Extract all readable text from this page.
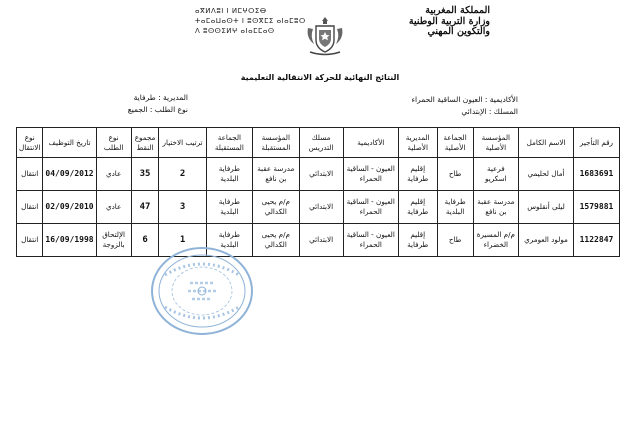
المملكة المغربية
وزارة التربية الوطنية
والتكوين المهني
ⴰⴳⵍⴷⵓⵏ ⵏ ⵍⵎⵖⵔⵉⴱ
ⵜⴰⵎⴰⵡⴰⵙⵜ ⵏ ⵓⵙⴳⵎⵉ ⴰⵏⴰⵎⵓⵔ
ⴷ ⵓⵙⵙⵉⵍⵖ ⴰⵏⴰⵎⵎⴰⵙ
النتائج النهائية للحركة الانتقالية التعليمية
الأكاديمية : العيون الساقية الحمراء
المسلك : الإبتدائي
المديرية : طرفاية
نوع الطلب : الجميع
رقم التأجير	الاسم الكامل	المؤسسة الأصلية	الجماعة الأصلية	المديرية الأصلية	الأكاديمية	مسلك التدريس	المؤسسة المستقبلة	الجماعة المستقبلة	ترتيب الاختيار	مجموع النقط	نوع الطلب	تاريخ التوظيف	نوع الانتقال
1683691	أمال لحليمي	فرعية اسكريو	طاح	إقليم طرفاية	العيون - الساقية الحمراء	الابتدائي	مدرسة عقبة بن نافع	طرفاية البلدية	2	35	عادي	04/09/2012	انتقال
1579881	ليلى أنقلوس	مدرسة عقبة بن نافع	طرفاية البلدية	إقليم طرفاية	العيون - الساقية الحمراء	الابتدائي	م/م يحيى الكدالي	طرفاية البلدية	3	47	عادي	02/09/2010	انتقال
1122847	مولود العومري	م/م المسيرة الخضراء	طاح	إقليم طرفاية	العيون - الساقية الحمراء	الابتدائي	م/م يحيى الكدالي	طرفاية البلدية	1	6	الإلتحاق بالزوجة	16/09/1998	انتقال
